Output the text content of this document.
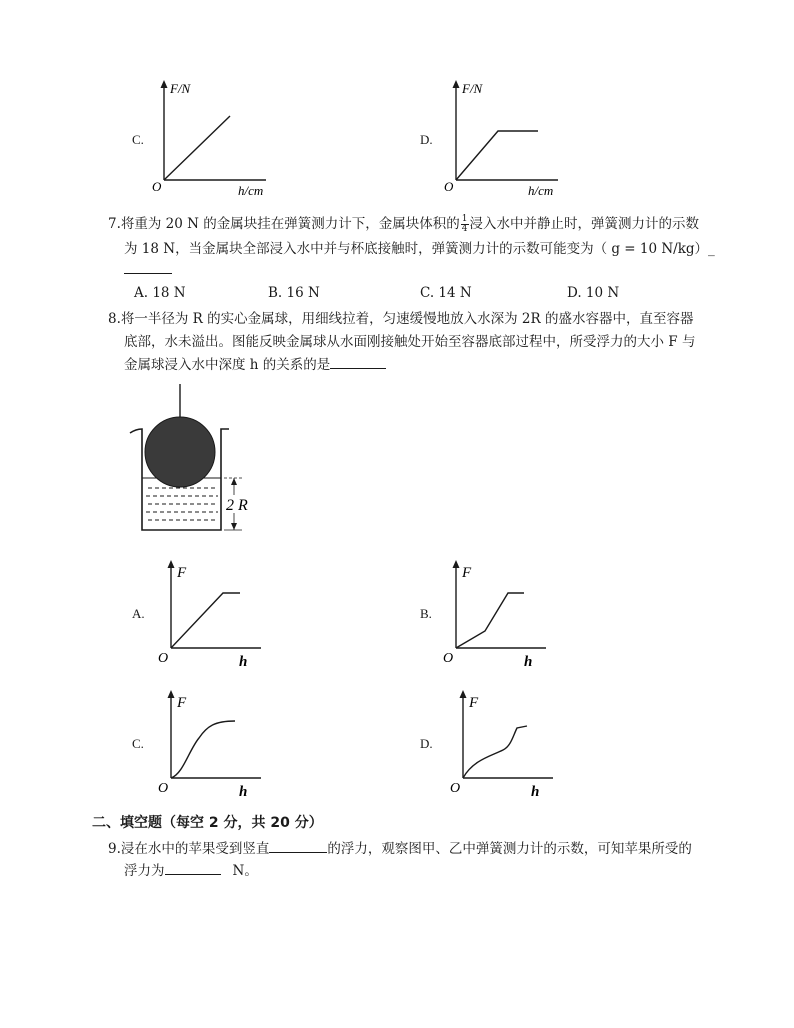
C.
F/N
O	h/cm
D.
F/N
O	h/cm
7.将重为 20 N 的金属块挂在弹簧测力计下，金属块体积的 $\frac{1}{4}$ 浸入水中并静止时，弹簧测力计的示数
为 18 N，当金属块全部浸入水中并与杯底接触时，弹簧测力计的示数可能变为（ g = 10 N/kg）_
A. 18 N	B. 16 N	C. 14 N	D. 10 N
8.将一半径为 R 的实心金属球，用细线拉着，匀速缓慢地放入水深为 2R 的盛水容器中，直至容器
底部，水未溢出。图能反映金属球从水面刚接触处开始至容器底部过程中，所受浮力的大小 F 与
金属球浸入水中深度 h 的关系的是
2 R
A.
F
O	h
B.
F
O	h
C.
F
O	h
D.
F
O	h
二、填空题（每空 2 分，共 20 分）
9.浸在水中的苹果受到竖直	的浮力，观察图甲、乙中弹簧测力计的示数，可知苹果所受的
浮力为	N。
